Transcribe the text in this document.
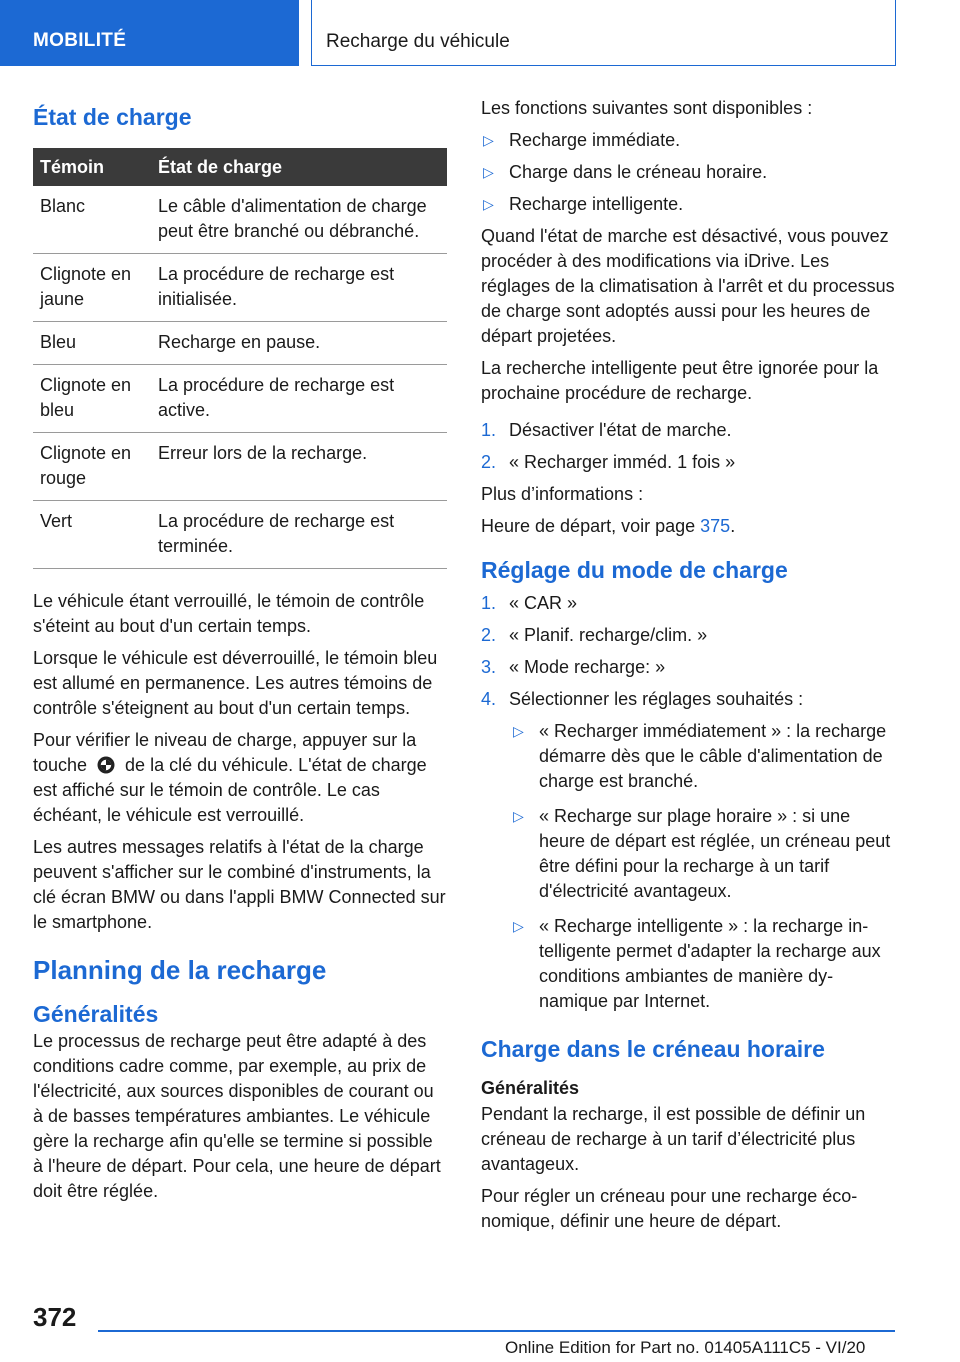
MOBILITÉ	Recharge du véhicule
État de charge
Témoin	État de charge
Blanc	Le câble d'alimentation de charge peut être branché ou débranché.
Clignote en jaune	La procédure de recharge est initialisée.
Bleu	Recharge en pause.
Clignote en bleu	La procédure de recharge est active.
Clignote en rouge	Erreur lors de la recharge.
Vert	La procédure de recharge est terminée.

Le véhicule étant verrouillé, le témoin de contrôle s'éteint au bout d'un certain temps.

Lorsque le véhicule est déverrouillé, le témoin bleu est allumé en permanence. Les autres témoins de contrôle s'éteignent au bout d'un certain temps.

Pour vérifier le niveau de charge, appuyer sur la touche de la clé du véhicule. L'état de charge est affiché sur le témoin de contrôle. Le cas échéant, le véhicule est verrouillé.

Les autres messages relatifs à l'état de la charge peuvent s'afficher sur le combiné d'instruments, la clé écran BMW ou dans l'appli BMW Connected sur le smartphone.

Planning de la recharge
Généralités

Le processus de recharge peut être adapté à des conditions cadre comme, par exemple, au prix de l'électricité, aux sources disponibles de courant ou à de basses températures ambiantes. Le véhicule gère la recharge afin qu'elle se termine si possible à l'heure de départ. Pour cela, une heure de départ doit être réglée.

Les fonctions suivantes sont disponibles :

▷ Recharge immédiate.
▷ Charge dans le créneau horaire.
▷ Recharge intelligente.

Quand l'état de marche est désactivé, vous pouvez procéder à des modifications via iDrive. Les réglages de la climatisation à l'arrêt et du processus de charge sont adoptés aussi pour les heures de départ projetées.

La recherche intelligente peut être ignorée pour la prochaine procédure de recharge.

1. Désactiver l'état de marche.
2. « Recharger imméd. 1 fois »

Plus d’informations :

Heure de départ, voir page 375.

Réglage du mode de charge
1. « CAR »
2. « Planif. recharge/clim. »
3. « Mode recharge: »
4. Sélectionner les réglages souhaités :
▷ « Recharger immédiatement » : la recharge démarre dès que le câble d'alimentation de charge est branché.
▷ « Recharge sur plage horaire » : si une heure de départ est réglée, un créneau peut être défini pour la recharge à un tarif d'électricité avantageux.
▷ « Recharge intelligente » : la recharge intelligente permet d'adapter la recharge aux conditions ambiantes de manière dynamique par Internet.
Charge dans le créneau horaire
Généralités

Pendant la recharge, il est possible de définir un créneau de recharge à un tarif d’électricité plus avantageux.

Pour régler un créneau pour une recharge économique, définir une heure de départ.

372
Online Edition for Part no. 01405A111C5 - VI/20
